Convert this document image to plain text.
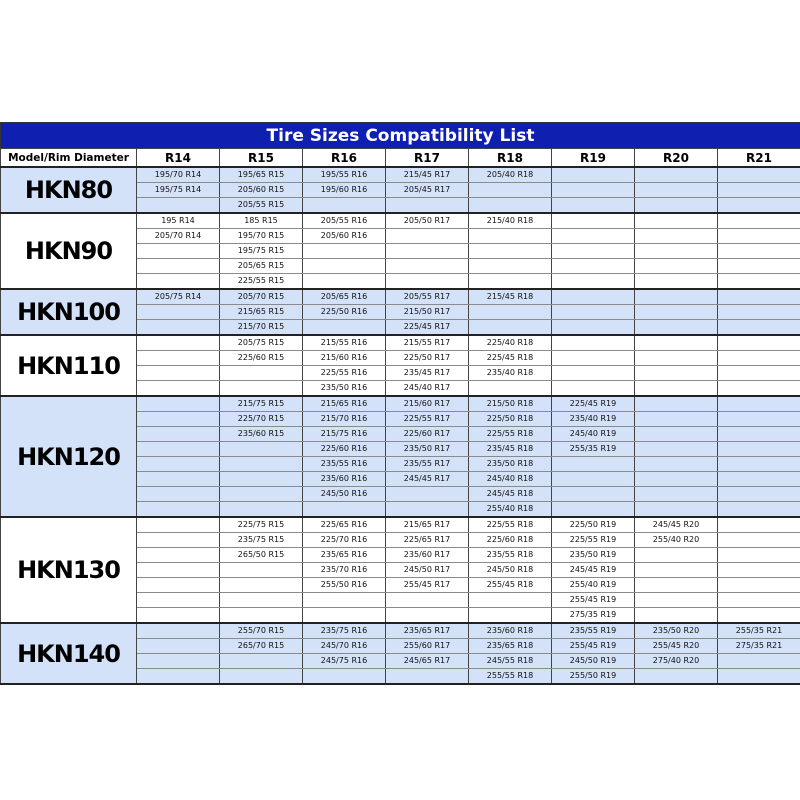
Tire Sizes Compatibility List
Model/Rim Diameter	R14	R15	R16	R17	R18	R19	R20	R21
HKN80	195/70 R14	195/65 R15	195/55 R16	215/45 R17	205/40 R18			
	195/75 R14	205/60 R15	195/60 R16	205/45 R17				
		205/55 R15						
HKN90	195 R14	185 R15	205/55 R16	205/50 R17	215/40 R18			
	205/70 R14	195/70 R15	205/60 R16					
		195/75 R15						
		205/65 R15						
		225/55 R15						
HKN100	205/75 R14	205/70 R15	205/65 R16	205/55 R17	215/45 R18			
		215/65 R15	225/50 R16	215/50 R17				
		215/70 R15		225/45 R17				
HKN110		205/75 R15	215/55 R16	215/55 R17	225/40 R18			
		225/60 R15	215/60 R16	225/50 R17	225/45 R18			
			225/55 R16	235/45 R17	235/40 R18			
			235/50 R16	245/40 R17				
HKN120		215/75 R15	215/65 R16	215/60 R17	215/50 R18	225/45 R19		
		225/70 R15	215/70 R16	225/55 R17	225/50 R18	235/40 R19		
		235/60 R15	215/75 R16	225/60 R17	225/55 R18	245/40 R19		
			225/60 R16	235/50 R17	235/45 R18	255/35 R19		
			235/55 R16	235/55 R17	235/50 R18			
			235/60 R16	245/45 R17	245/40 R18			
			245/50 R16		245/45 R18			
					255/40 R18			
HKN130		225/75 R15	225/65 R16	215/65 R17	225/55 R18	225/50 R19	245/45 R20	
		235/75 R15	225/70 R16	225/65 R17	225/60 R18	225/55 R19	255/40 R20	
		265/50 R15	235/65 R16	235/60 R17	235/55 R18	235/50 R19		
			235/70 R16	245/50 R17	245/50 R18	245/45 R19		
			255/50 R16	255/45 R17	255/45 R18	255/40 R19		
						255/45 R19		
						275/35 R19		
HKN140		255/70 R15	235/75 R16	235/65 R17	235/60 R18	235/55 R19	235/50 R20	255/35 R21
		265/70 R15	245/70 R16	255/60 R17	235/65 R18	255/45 R19	255/45 R20	275/35 R21
			245/75 R16	245/65 R17	245/55 R18	245/50 R19	275/40 R20	
					255/55 R18	255/50 R19		
